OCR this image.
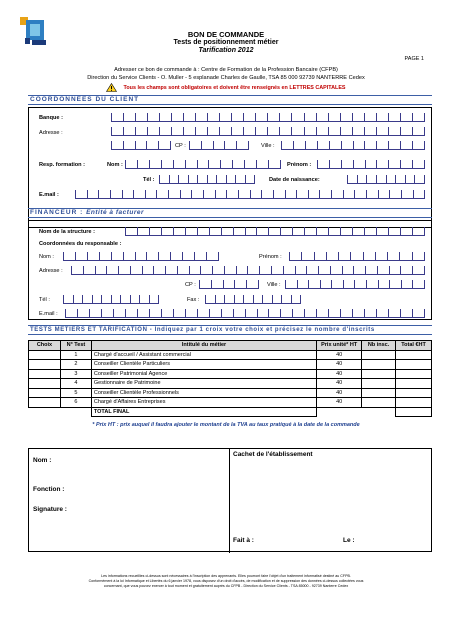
BON DE COMMANDE
Tests de positionnement métier
Tarification 2012
PAGE 1
Adresser ce bon de commande à : Centre de Formation de la Profession Bancaire (CFPB)
Direction du Service Clients - O. Muller - 5 esplanade Charles de Gaulle, TSA 85 000 92739 NANTERRE Cedex
Tous les champs sont obligatoires et doivent être renseignés en LETTRES CAPITALES
COORDONNEES DU CLIENT
Banque :
Adresse :
CP :	Ville :
Resp. formation :	Nom :	Prénom :
Tél :	Date de naissance:
E.mail :
FINANCEUR : Entité à facturer
Nom de la structure :
Coordonnées du responsable :
Nom :	Prénom :
Adresse :
CP :	Ville :
Tél :	Fax :
E.mail :
TESTS METIERS ET TARIFICATION - Indiquez par 1 croix votre choix et précisez le nombre d'inscrits
Choix	N° Test	Intitulé du métier	Prix unité* HT	Nb insc.	Total €HT
	1	Chargé d'accueil / Assistant commercial	40		
	2	Conseiller Clientèle Particuliers	40		
	3	Conseiller Patrimonial Agence	40		
	4	Gestionnaire de Patrimoine	40		
	5	Conseiller Clientèle Professionnels	40		
	6	Chargé d'Affaires Entreprises	40		
		TOTAL FINAL			
* Prix HT : prix auquel il faudra ajouter le montant de la TVA au taux pratiqué à la date de la commande
Nom :
Fonction :
Signature :
Cachet de l'établissement
Fait à :	Le :
Les informations recueillies ci-dessus sont nécessaires à l'inscription des apprenants. Elles pourront faire l'objet d'un traitement informatisé destiné au CFPB.
Conformément à la loi Informatique et Libertés du 6 janvier 1978, vous disposez d'un droit d'accès, de modification et de suppression des données ci-dessus collectées vous
concernant, que vous pouvez exercer à tout moment et gratuitement auprès du CFPB - Direction du Service Clients - TSA 85000 - 92739 Nanterre Cedex
